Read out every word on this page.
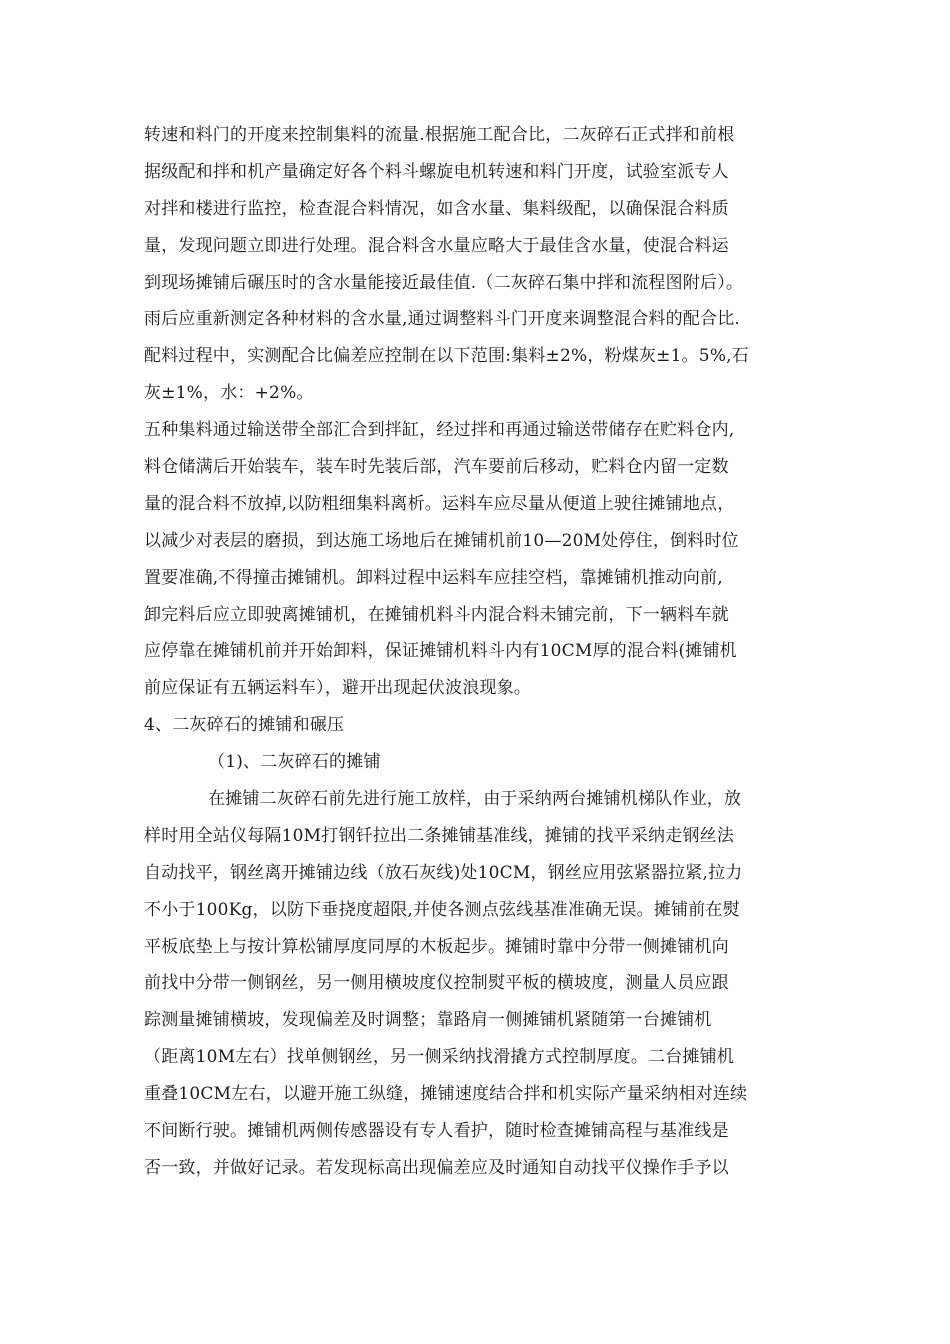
转速和料门的开度来控制集料的流量.根据施工配合比，二灰碎石正式拌和前根
据级配和拌和机产量确定好各个料斗螺旋电机转速和料门开度，试验室派专人
对拌和楼进行监控，检查混合料情况，如含水量、集料级配，以确保混合料质
量，发现问题立即进行处理。混合料含水量应略大于最佳含水量，使混合料运
到现场摊铺后碾压时的含水量能接近最佳值.（二灰碎石集中拌和流程图附后）。
雨后应重新测定各种材料的含水量,通过调整料斗门开度来调整混合料的配合比.
配料过程中，实测配合比偏差应控制在以下范围:集料±2%，粉煤灰±1。5%,石
灰±1%，水：+2%。
五种集料通过输送带全部汇合到拌缸，经过拌和再通过输送带储存在贮料仓内,
料仓储满后开始装车，装车时先装后部，汽车要前后移动，贮料仓内留一定数
量的混合料不放掉,以防粗细集料离析。运料车应尽量从便道上驶往摊铺地点，
以减少对表层的磨损，到达施工场地后在摊铺机前10—20M处停住，倒料时位
置要准确,不得撞击摊铺机。卸料过程中运料车应挂空档，靠摊铺机推动向前,
卸完料后应立即驶离摊铺机，在摊铺机料斗内混合料未铺完前，下一辆料车就
应停靠在摊铺机前并开始卸料，保证摊铺机料斗内有10CM厚的混合料(摊铺机
前应保证有五辆运料车），避开出现起伏波浪现象。
4、二灰碎石的摊铺和碾压
（1)、二灰碎石的摊铺
在摊铺二灰碎石前先进行施工放样，由于采纳两台摊铺机梯队作业，放
样时用全站仪每隔10M打钢钎拉出二条摊铺基准线，摊铺的找平采纳走钢丝法
自动找平，钢丝离开摊铺边线（放石灰线)处10CM，钢丝应用弦紧器拉紧,拉力
不小于100Kg，以防下垂挠度超限,并使各测点弦线基准准确无误。摊铺前在熨
平板底垫上与按计算松铺厚度同厚的木板起步。摊铺时靠中分带一侧摊铺机向
前找中分带一侧钢丝，另一侧用横坡度仪控制熨平板的横坡度，测量人员应跟
踪测量摊铺横坡，发现偏差及时调整；靠路肩一侧摊铺机紧随第一台摊铺机
（距离10M左右）找单侧钢丝，另一侧采纳找滑撬方式控制厚度。二台摊铺机
重叠10CM左右，以避开施工纵缝，摊铺速度结合拌和机实际产量采纳相对连续
不间断行驶。摊铺机两侧传感器设有专人看护，随时检查摊铺高程与基准线是
否一致，并做好记录。若发现标高出现偏差应及时通知自动找平仪操作手予以
